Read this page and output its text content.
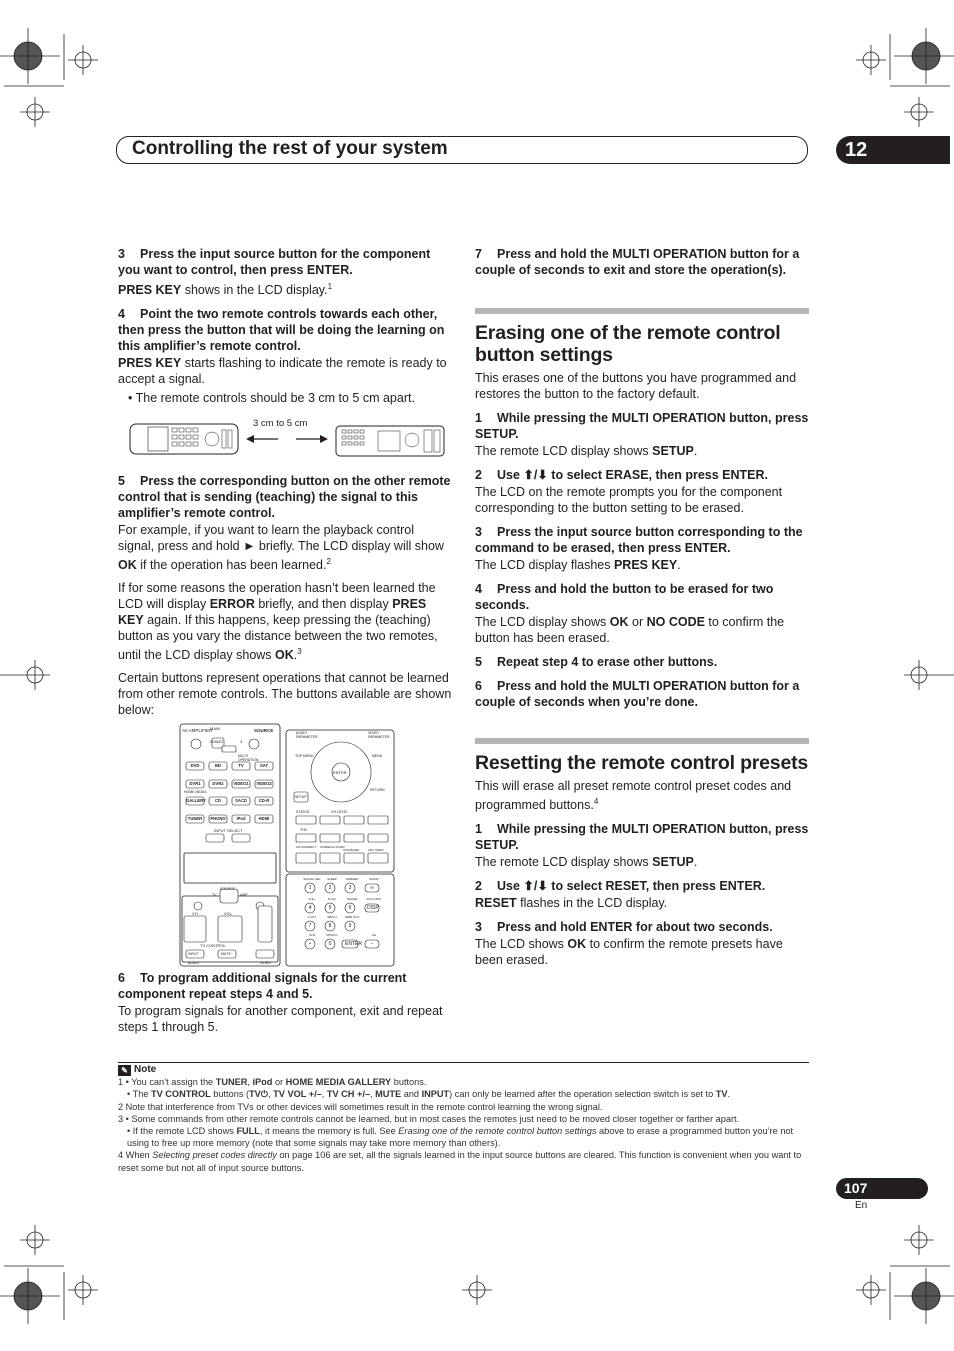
Controlling the rest of your system	12

3 Press the input source button for the component you want to control, then press ENTER.

PRES KEY shows in the LCD display.$^1$

4 Point the two remote controls towards each other, then press the button that will be doing the learning on this amplifier’s remote control.

PRES KEY starts flashing to indicate the remote is ready to accept a signal.

• The remote controls should be 3 cm to 5 cm apart.

5 Press the corresponding button on the other remote control that is sending (teaching) the signal to this amplifier’s remote control.

For example, if you want to learn the playback control signal, press and hold ► briefly. The LCD display will show OK if the operation has been learned.$^2$

If for some reasons the operation hasn’t been learned the LCD will display ERROR briefly, and then display PRES KEY again. If this happens, keep pressing the (teaching) button as you vary the distance between the two remotes, until the LCD display shows OK.$^3$

Certain buttons represent operations that cannot be learned from other remote controls. The buttons available are shown below:

6 To program additional signals for the current component repeat steps 4 and 5.

To program signals for another component, exit and repeat steps 1 through 5.

3 cm to 5 cm
AV AMPLIFIER
MAIN
ZONE2	3
SOURCE
MULTI OPERATION
DVD	BD	TV	SAT
DVR1	DVR2	VIDEO1	VIDEO2
GALLERY	CD	SACD	CD-R
TUNER	PHONO	iPod	HDMI
HOME MEDIA
INPUT SELECT
SOURCE
TV	AMP
CH	VOL
TV CONTROL
INPUT	MUTE
AUDIO	VIDEO
AUDIO PARAMETER
VIDEO PARAMETER
TOP MENU	MENU
ENTER
RETURN
SETUP
STATUS	CH LEVEL
THX
AUTO/DIRECT STEREO/A.SURR
STANDARD	ADV SURR
SIGNAL SEL	SLEEP	DIMMER	AUDIO
D.E+	D.Acc	PHASE	iPod CTRL
A.ATT	SB/CH	HDMI OUT
CLR	MCACC	CH
1	2	3	∞
4	5	6	DISP
7	8	9
•	0	ENTER	−

7 Press and hold the MULTI OPERATION button for a couple of seconds to exit and store the operation(s).

Erasing one of the remote control button settings

This erases one of the buttons you have programmed and restores the button to the factory default.

1 While pressing the MULTI OPERATION button, press SETUP.

The remote LCD display shows SETUP.

2 Use ⬆/⬇ to select ERASE, then press ENTER.

The LCD on the remote prompts you for the component corresponding to the button setting to be erased.

3 Press the input source button corresponding to the command to be erased, then press ENTER.

The LCD display flashes PRES KEY.

4 Press and hold the button to be erased for two seconds.

The LCD display shows OK or NO CODE to confirm the button has been erased.

5 Repeat step 4 to erase other buttons.

6 Press and hold the MULTI OPERATION button for a couple of seconds when you’re done.

Resetting the remote control presets

This will erase all preset remote control preset codes and programmed buttons.$^4$

1 While pressing the MULTI OPERATION button, press SETUP.

The remote LCD display shows SETUP.

2 Use ⬆/⬇ to select RESET, then press ENTER.

RESET flashes in the LCD display.

3 Press and hold ENTER for about two seconds.

The LCD shows OK to confirm the remote presets have been erased.

✎ Note

1 • You can’t assign the TUNER, iPod or HOME MEDIA GALLERY buttons.

• The TV CONTROL buttons (TV⏻, TV VOL +/–, TV CH +/–, MUTE and INPUT) can only be learned after the operation selection switch is set to TV.

2 Note that interference from TVs or other devices will sometimes result in the remote control learning the wrong signal.

3 • Some commands from other remote controls cannot be learned, but in most cases the remotes just need to be moved closer together or farther apart.

• If the remote LCD shows FULL, it means the memory is full. See Erasing one of the remote control button settings above to erase a programmed button you’re not using to free up more memory (note that some signals may take more memory than others).

4 When Selecting preset codes directly on page 106 are set, all the signals learned in the input source buttons are cleared. This function is convenient when you want to reset some but not all of input source buttons.

107
En
